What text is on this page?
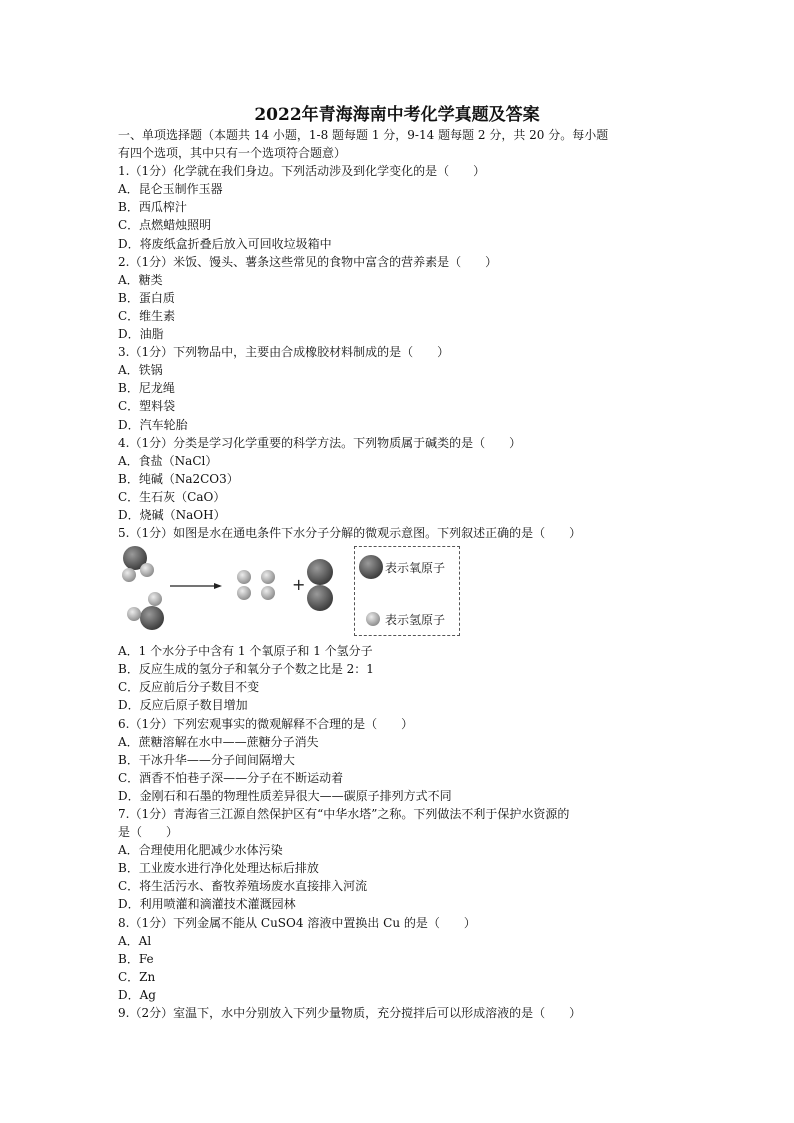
2022年青海海南中考化学真题及答案
一、单项选择题（本题共 14 小题，1-8 题每题 1 分，9-14 题每题 2 分，共 20 分。每小题
有四个选项，其中只有一个选项符合题意）
1.（1分）化学就在我们身边。下列活动涉及到化学变化的是（　　）
A．昆仑玉制作玉器
B．西瓜榨汁
C．点燃蜡烛照明
D．将废纸盒折叠后放入可回收垃圾箱中
2.（1分）米饭、馒头、薯条这些常见的食物中富含的营养素是（　　）
A．糖类
B．蛋白质
C．维生素
D．油脂
3.（1分）下列物品中，主要由合成橡胶材料制成的是（　　）
A．铁锅
B．尼龙绳
C．塑料袋
D．汽车轮胎
4.（1分）分类是学习化学重要的科学方法。下列物质属于碱类的是（　　）
A．食盐（NaCl）
B．纯碱（Na2CO3）
C．生石灰（CaO）
D．烧碱（NaOH）
5.（1分）如图是水在通电条件下水分子分解的微观示意图。下列叙述正确的是（　　）
+
表示氧原子
表示氢原子
A．1 个水分子中含有 1 个氧原子和 1 个氢分子
B．反应生成的氢分子和氧分子个数之比是 2：1
C．反应前后分子数目不变
D．反应后原子数目增加
6.（1分）下列宏观事实的微观解释不合理的是（　　）
A．蔗糖溶解在水中——蔗糖分子消失
B．干冰升华——分子间间隔增大
C．酒香不怕巷子深——分子在不断运动着
D．金刚石和石墨的物理性质差异很大——碳原子排列方式不同
7.（1分）青海省三江源自然保护区有“中华水塔”之称。下列做法不利于保护水资源的
是（　　）
A．合理使用化肥减少水体污染
B．工业废水进行净化处理达标后排放
C．将生活污水、畜牧养殖场废水直接排入河流
D．利用喷灌和滴灌技术灌溉园林
8.（1分）下列金属不能从 CuSO4 溶液中置换出 Cu 的是（　　）
A．Al
B．Fe
C．Zn
D．Ag
9.（2分）室温下，水中分别放入下列少量物质，充分搅拌后可以形成溶液的是（　　）
